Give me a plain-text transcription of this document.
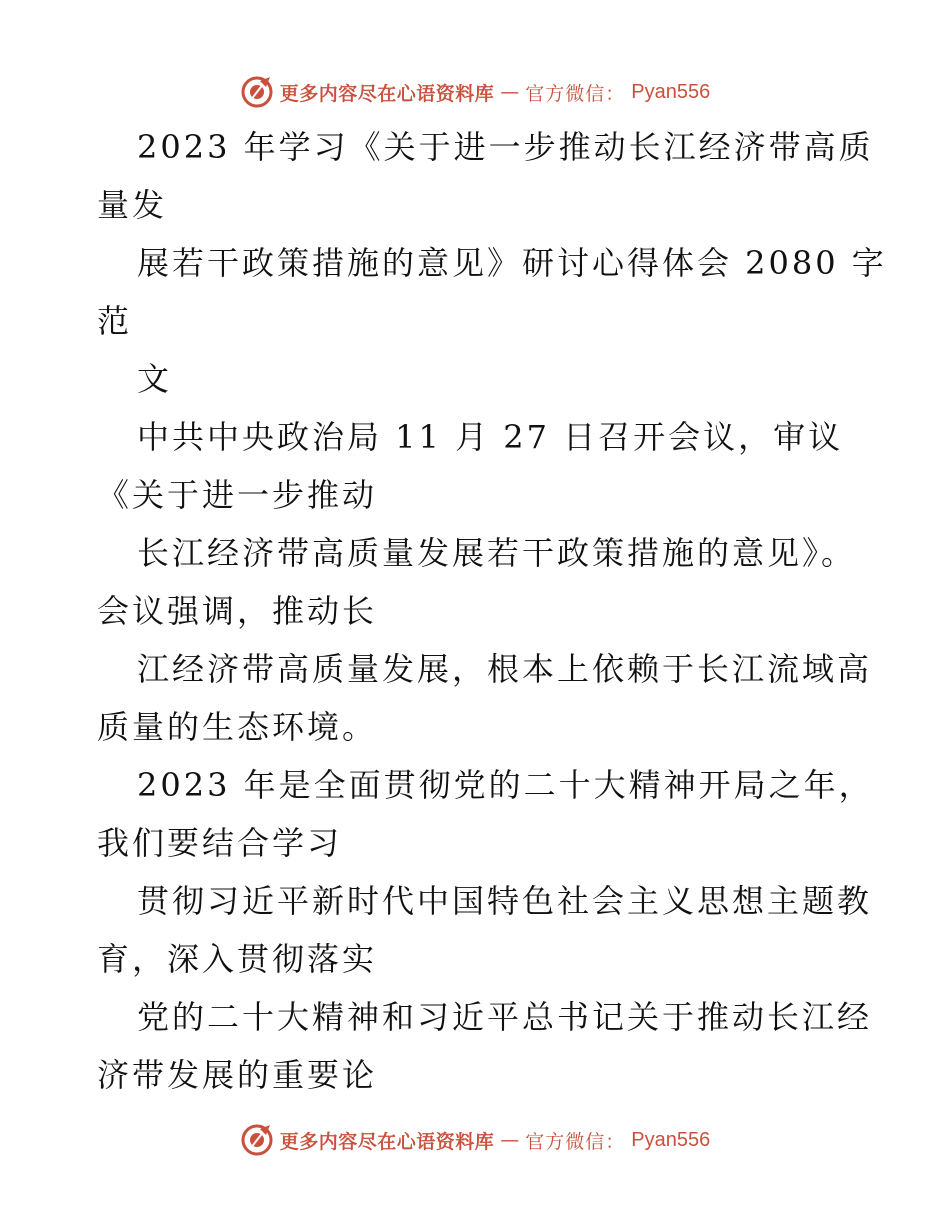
更多内容尽在心语资料库 — 官方微信： Pyan556
2023 年学习《关于进一步推动长江经济带高质
量发
展若干政策措施的意见》研讨心得体会 2080 字
范
文
中共中央政治局 11 月 27 日召开会议，审议
《关于进一步推动
长江经济带高质量发展若干政策措施的意见》。
会议强调，推动长
江经济带高质量发展，根本上依赖于长江流域高
质量的生态环境。
2023 年是全面贯彻党的二十大精神开局之年，
我们要结合学习
贯彻习近平新时代中国特色社会主义思想主题教
育，深入贯彻落实
党的二十大精神和习近平总书记关于推动长江经
济带发展的重要论
更多内容尽在心语资料库 — 官方微信： Pyan556
